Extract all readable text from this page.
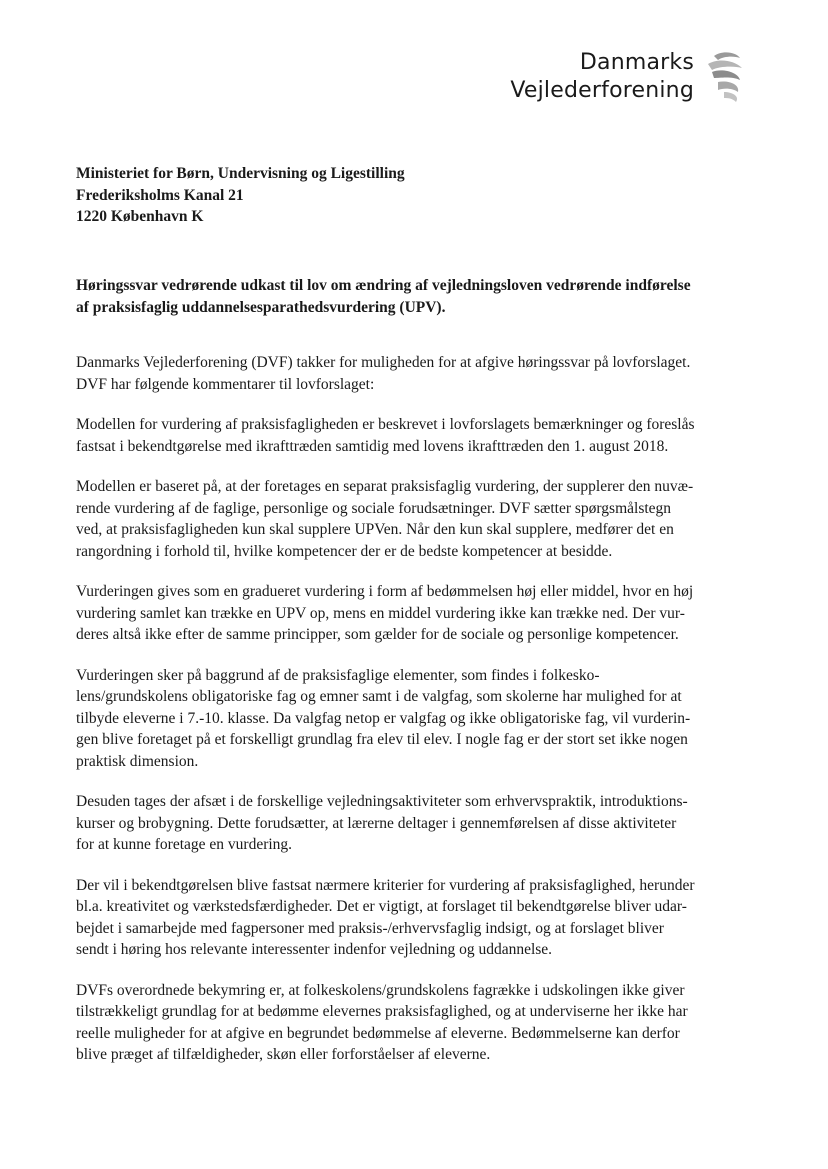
Danmarks
Vejlederforening
Ministeriet for Børn, Undervisning og Ligestilling
Frederiksholms Kanal 21
1220 København K
Høringssvar vedrørende udkast til lov om ændring af vejledningsloven vedrørende indførelse
af praksisfaglig uddannelsesparathedsvurdering (UPV).

Danmarks Vejlederforening (DVF) takker for muligheden for at afgive høringssvar på lovforslaget.
DVF har følgende kommentarer til lovforslaget:

Modellen for vurdering af praksisfagligheden er beskrevet i lovforslagets bemærkninger og foreslås
fastsat i bekendtgørelse med ikrafttræden samtidig med lovens ikrafttræden den 1. august 2018.

Modellen er baseret på, at der foretages en separat praksisfaglig vurdering, der supplerer den nuvæ-
rende vurdering af de faglige, personlige og sociale forudsætninger. DVF sætter spørgsmålstegn
ved, at praksisfagligheden kun skal supplere UPVen. Når den kun skal supplere, medfører det en
rangordning i forhold til, hvilke kompetencer der er de bedste kompetencer at besidde.

Vurderingen gives som en gradueret vurdering i form af bedømmelsen høj eller middel, hvor en høj
vurdering samlet kan trække en UPV op, mens en middel vurdering ikke kan trække ned. Der vur-
deres altså ikke efter de samme principper, som gælder for de sociale og personlige kompetencer.

Vurderingen sker på baggrund af de praksisfaglige elementer, som findes i folkesko-
lens/grundskolens obligatoriske fag og emner samt i de valgfag, som skolerne har mulighed for at
tilbyde eleverne i 7.-10. klasse. Da valgfag netop er valgfag og ikke obligatoriske fag, vil vurderin-
gen blive foretaget på et forskelligt grundlag fra elev til elev. I nogle fag er der stort set ikke nogen
praktisk dimension.

Desuden tages der afsæt i de forskellige vejledningsaktiviteter som erhvervspraktik, introduktions-
kurser og brobygning. Dette forudsætter, at lærerne deltager i gennemførelsen af disse aktiviteter
for at kunne foretage en vurdering.

Der vil i bekendtgørelsen blive fastsat nærmere kriterier for vurdering af praksisfaglighed, herunder
bl.a. kreativitet og værkstedsfærdigheder. Det er vigtigt, at forslaget til bekendtgørelse bliver udar-
bejdet i samarbejde med fagpersoner med praksis-/erhvervsfaglig indsigt, og at forslaget bliver
sendt i høring hos relevante interessenter indenfor vejledning og uddannelse.

DVFs overordnede bekymring er, at folkeskolens/grundskolens fagrække i udskolingen ikke giver
tilstrækkeligt grundlag for at bedømme elevernes praksisfaglighed, og at underviserne her ikke har
reelle muligheder for at afgive en begrundet bedømmelse af eleverne. Bedømmelserne kan derfor
blive præget af tilfældigheder, skøn eller forforståelser af eleverne.
